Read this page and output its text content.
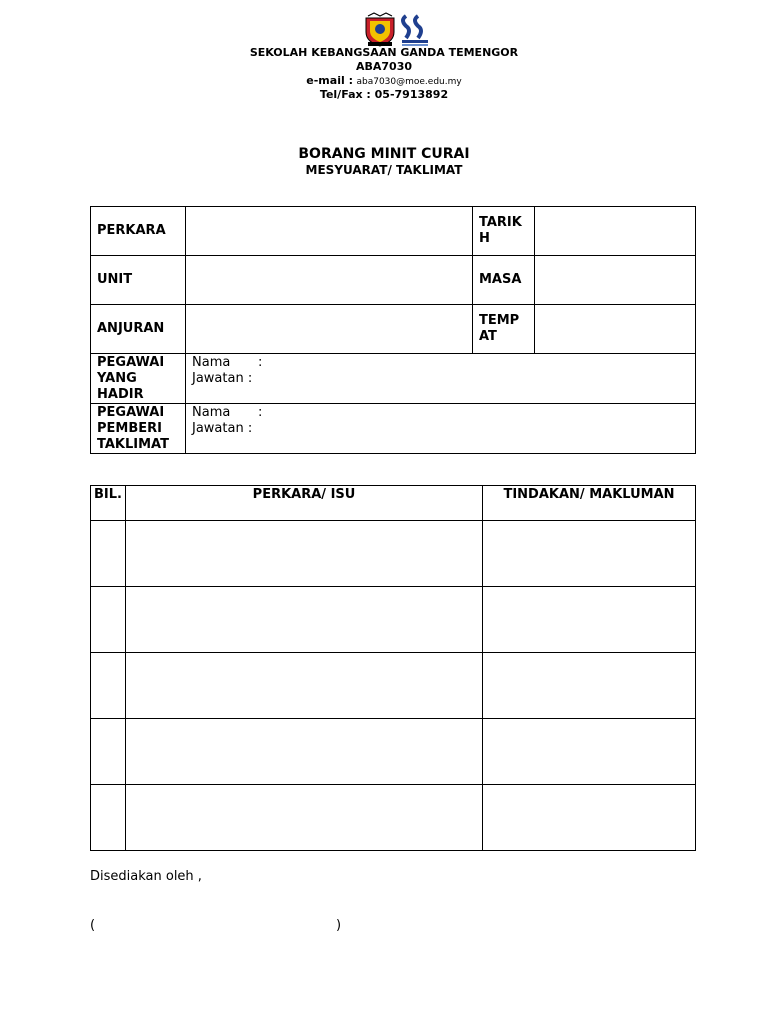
SEKOLAH KEBANGSAAN GANDA TEMENGOR
ABA7030
e-mail : aba7030@moe.edu.my
Tel/Fax : 05-7913892
BORANG MINIT CURAI
MESYUARAT/ TAKLIMAT
PERKARA		TARIKH	
UNIT		MASA	
ANJURAN		TEMPAT	
PEGAWAI YANG HADIR	Nama :
Jawatan :		

PEGAWAI PEMBERI TAKLIMAT	Nama :
Jawatan :		
BIL.	PERKARA/ ISU	TINDAKAN/ MAKLUMAN

Disediakan oleh ,
(	)
